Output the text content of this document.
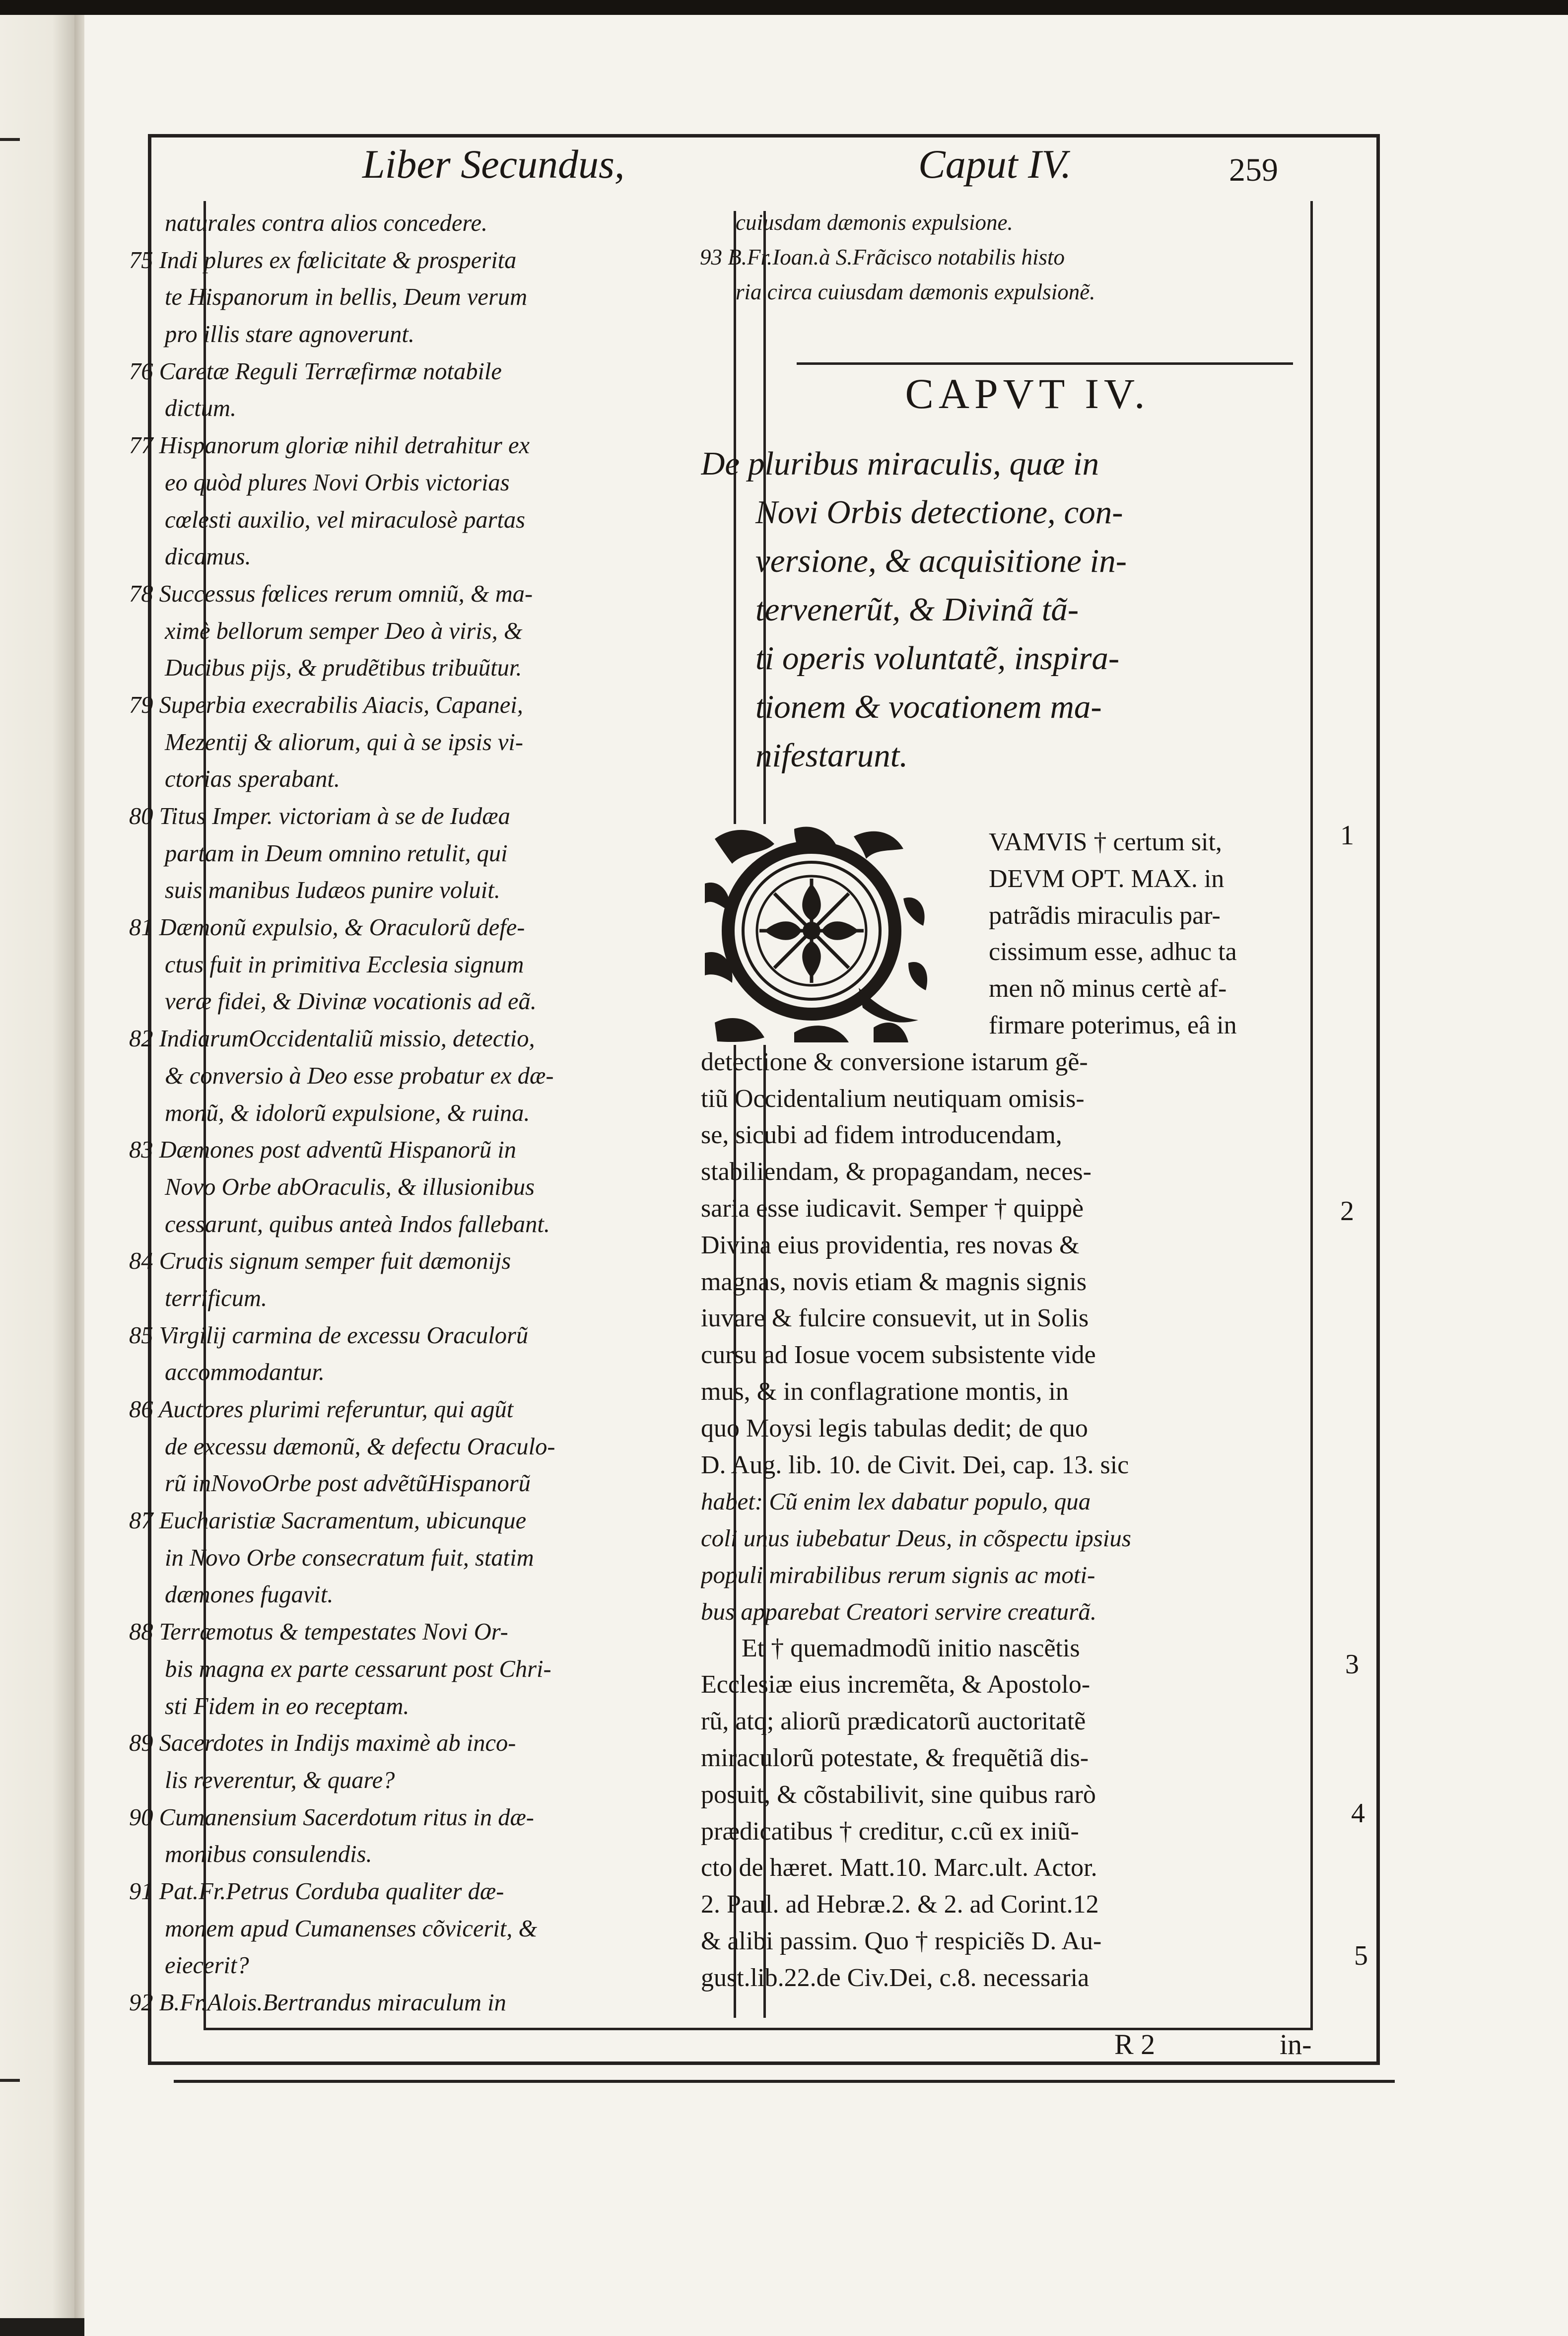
Liber Secundus,	Caput IV.	259
naturales contra alios concedere.
75 Indi plures ex fœlicitate & prosperita
te Hispanorum in bellis, Deum verum
pro illis stare agnoverunt.
76 Caretæ Reguli Terræfirmæ notabile
dictum.
77 Hispanorum gloriæ nihil detrahitur ex
eo quòd plures Novi Orbis victorias
cœlesti auxilio, vel miraculosè partas
dicamus.
78 Successus fœlices rerum omniũ, & ma-
ximè bellorum semper Deo à viris, &
Ducibus pijs, & prudẽtibus tribuũtur.
79 Superbia execrabilis Aiacis, Capanei,
Mezentij & aliorum, qui à se ipsis vi-
ctorias sperabant.
80 Titus Imper. victoriam à se de Iudæa
partam in Deum omnino retulit, qui
suis manibus Iudæos punire voluit.
81 Dæmonũ expulsio, & Oraculorũ defe-
ctus fuit in primitiva Ecclesia signum
veræ fidei, & Divinæ vocationis ad eã.
82 IndiarumOccidentaliũ missio, detectio,
& conversio à Deo esse probatur ex dæ-
monũ, & idolorũ expulsione, & ruina.
83 Dæmones post adventũ Hispanorũ in
Novo Orbe abOraculis, & illusionibus
cessarunt, quibus anteà Indos fallebant.
84 Crucis signum semper fuit dæmonijs
terrificum.
85 Virgilij carmina de excessu Oraculorũ
accommodantur.
86 Auctores plurimi referuntur, qui agũt
de excessu dæmonũ, & defectu Oraculo-
rũ inNovoOrbe post advẽtũHispanorũ
87 Eucharistiæ Sacramentum, ubicunque
in Novo Orbe consecratum fuit, statim
dæmones fugavit.
88 Terræmotus & tempestates Novi Or-
bis magna ex parte cessarunt post Chri-
sti Fidem in eo receptam.
89 Sacerdotes in Indijs maximè ab inco-
lis reverentur, & quare?
90 Cumanensium Sacerdotum ritus in dæ-
monibus consulendis.
91 Pat.Fr.Petrus Corduba qualiter dæ-
monem apud Cumanenses cõvicerit, &
eiecerit?
92 B.Fr.Alois.Bertrandus miraculum in
cuiusdam dæmonis expulsione.
93 B.Fr.Ioan.à S.Frãcisco notabilis histo
ria circa cuiusdam dæmonis expulsionẽ.
CAPVT IV.
De pluribus miraculis, quæ in
Novi Orbis detectione, con-
versione, & acquisitione in-
tervenerũt, & Divinã tã-
ti operis voluntatẽ, inspira-
tionem & vocationem ma-
nifestarunt.
VAMVIS † certum sit,
DEVM OPT. MAX. in
patrãdis miraculis par-
cissimum esse, adhuc ta
men nõ minus certè af-
firmare poterimus, eâ in
detectione & conversione istarum gẽ-
tiũ Occidentalium neutiquam omisis-
se, sicubi ad fidem introducendam,
stabiliendam, & propagandam, neces-
saria esse iudicavit. Semper † quippè
Divina eius providentia, res novas &
magnas, novis etiam & magnis signis
iuvare & fulcire consuevit, ut in Solis
cursu ad Iosue vocem subsistente vide
mus, & in conflagratione montis, in
quo Moysi legis tabulas dedit; de quo
D. Aug. lib. 10. de Civit. Dei, cap. 13. sic
habet: Cũ enim lex dabatur populo, qua
coli unus iubebatur Deus, in cõspectu ipsius
populi mirabilibus rerum signis ac moti-
bus apparebat Creatori servire creaturã.
Et † quemadmodũ initio nascẽtis
Ecclesiæ eius incremẽta, & Apostolo-
rũ, atq; aliorũ prædicatorũ auctoritatẽ
miraculorũ potestate, & frequẽtiã dis-
posuit, & cõstabilivit, sine quibus rarò
prædicatibus † creditur, c.cũ ex iniũ-
cto de hæret. Matt.10. Marc.ult. Actor.
2. Paul. ad Hebræ.2. & 2. ad Corint.12
& alibi passim. Quo † respiciẽs D. Au-
gust.lib.22.de Civ.Dei, c.8. necessaria
1
2
3
4
5
R 2	in-
